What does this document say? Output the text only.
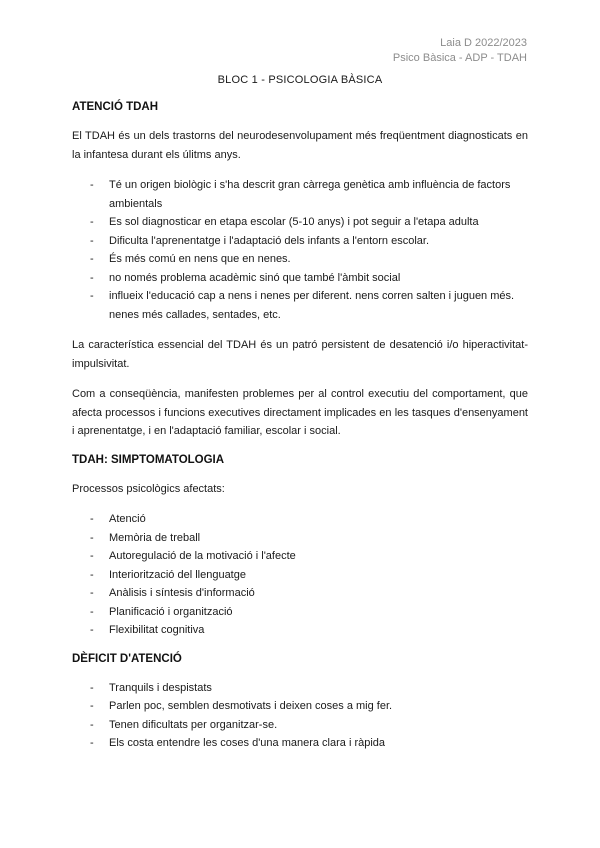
Laia D 2022/2023
Psico Bàsica - ADP - TDAH
BLOC 1 - PSICOLOGIA BÀSICA
ATENCIÓ TDAH

El TDAH és un dels trastorns del neurodesenvolupament més freqüentment diagnosticats en la infantesa durant els úlitms anys.

- Té un origen biològic i s'ha descrit gran càrrega genètica amb influència de factors ambientals
- Es sol diagnosticar en etapa escolar (5-10 anys) i pot seguir a l'etapa adulta
- Dificulta l'aprenentatge i l'adaptació dels infants a l'entorn escolar.
- És més comú en nens que en nenes.
- no només problema acadèmic sinó que també l'àmbit social
- influeix l'educació cap a nens i nenes per diferent. nens corren salten i juguen més. nenes més callades, sentades, etc.

La característica essencial del TDAH és un patró persistent de desatenció i/o hiperactivitat-impulsivitat.

Com a conseqüència, manifesten problemes per al control executiu del comportament, que afecta processos i funcions executives directament implicades en les tasques d'ensenyament i aprenentatge, i en l'adaptació familiar, escolar i social.

TDAH: SIMPTOMATOLOGIA

Processos psicològics afectats:

- Atenció
- Memòria de treball
- Autoregulació de la motivació i l'afecte
- Interiorització del llenguatge
- Anàlisis i síntesis d'informació
- Planificació i organització
- Flexibilitat cognitiva
DÈFICIT D'ATENCIÓ
- Tranquils i despistats
- Parlen poc, semblen desmotivats i deixen coses a mig fer.
- Tenen dificultats per organitzar-se.
- Els costa entendre les coses d'una manera clara i ràpida
